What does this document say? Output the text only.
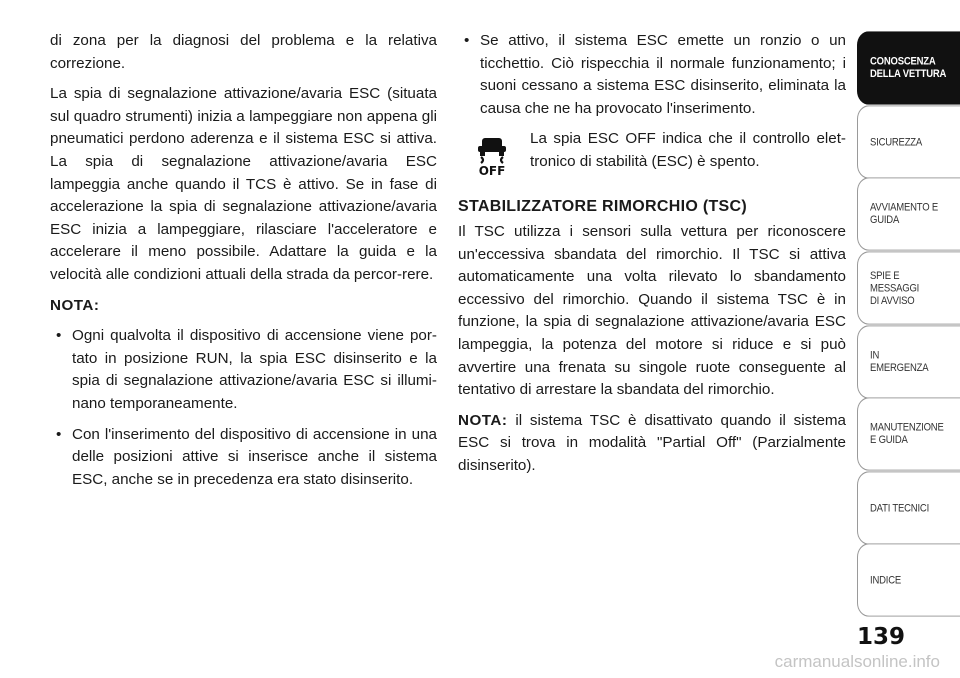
di zona per la diagnosi del problema e la relativa correzione.

La spia di segnalazione attivazione/avaria ESC (situata sul quadro strumenti) inizia a lampeggiare non appena gli pneumatici perdono aderenza e il sistema ESC si attiva. La spia di segnalazione attivazione/avaria ESC lampeggia anche quando il TCS è attivo. Se in fase di accelerazione la spia di segnalazione attivazione/avaria ESC inizia a lampeggiare, rilasciare l'acceleratore e accelerare il meno possibile. Adattare la guida e la velocità alle condizioni attuali della strada da percor-rere.

NOTA:
• Ogni qualvolta il dispositivo di accensione viene por-tato in posizione RUN, la spia ESC disinserito e la spia di segnalazione attivazione/avaria ESC si illumi-nano temporaneamente.
• Con l'inserimento del dispositivo di accensione in una delle posizioni attive si inserisce anche il sistema ESC, anche se in precedenza era stato disinserito.
• Se attivo, il sistema ESC emette un ronzio o un ticchettio. Ciò rispecchia il normale funzionamento; i suoni cessano a sistema ESC disinserito, eliminata la causa che ne ha provocato l'inserimento.
OFF
La spia ESC OFF indica che il controllo elet-tronico di stabilità (ESC) è spento.
STABILIZZATORE RIMORCHIO (TSC)

Il TSC utilizza i sensori sulla vettura per riconoscere un'eccessiva sbandata del rimorchio. Il TSC si attiva automaticamente una volta rilevato lo sbandamento eccessivo del rimorchio. Quando il sistema TSC è in funzione, la spia di segnalazione attivazione/avaria ESC lampeggia, la potenza del motore si riduce e si può avvertire una frenata su singole ruote conseguente al tentativo di arrestare la sbandata del rimorchio.

NOTA: il sistema TSC è disattivato quando il sistema ESC si trova in modalità "Partial Off" (Parzialmente disinserito).

CONOSCENZA
DELLA VETTURA
SICUREZZA
AVVIAMENTO E
GUIDA
SPIE E
MESSAGGI
DI AVVISO
IN
EMERGENZA
MANUTENZIONE
E GUIDA
DATI TECNICI
INDICE
139
carmanualsonline.info
